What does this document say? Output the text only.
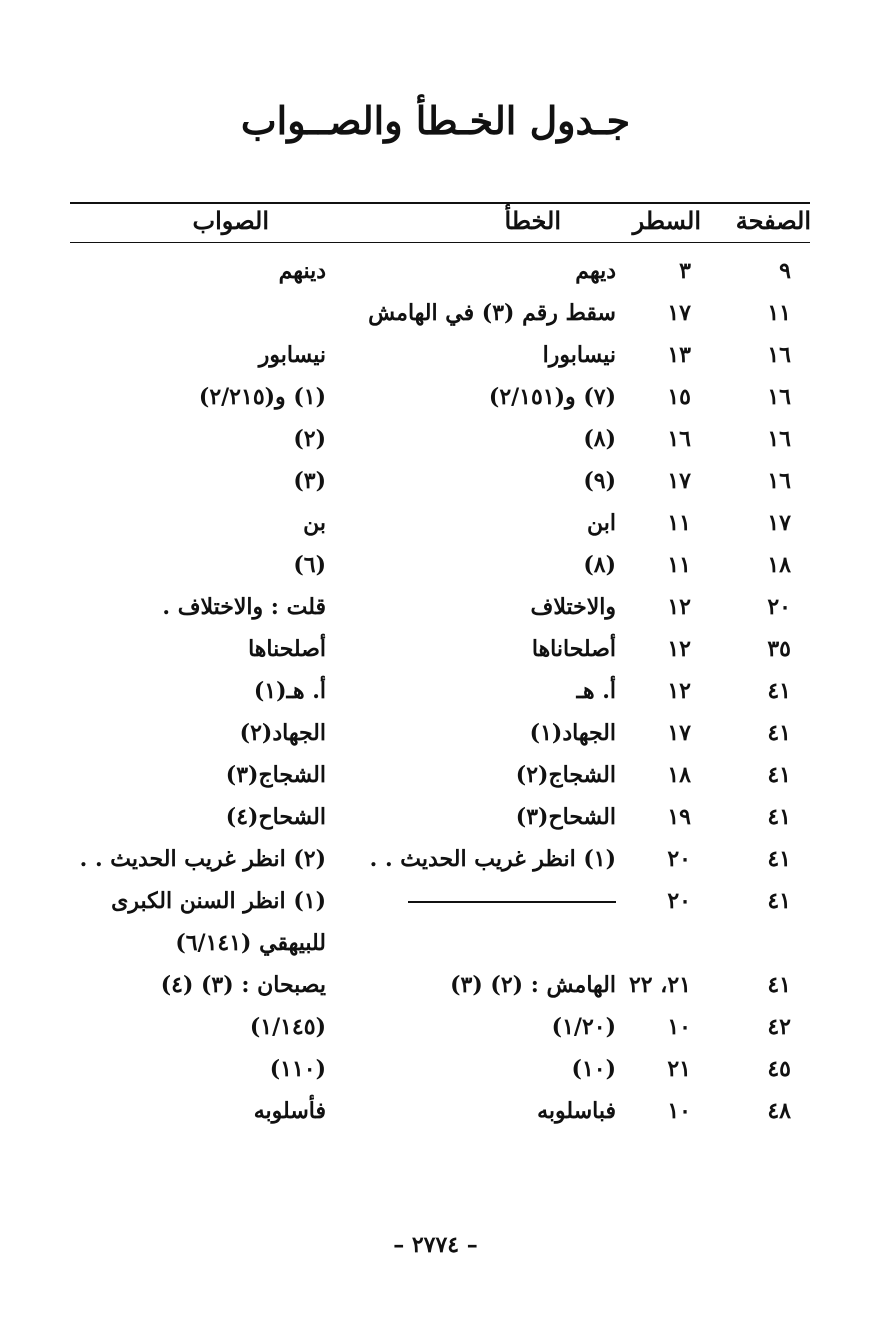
جـدول الخـطأ والصــواب
الصفحة
السطر
الخطأ
الصواب
٩
٣
ديهم
دينهم
١١
١٧
سقط رقم (٣) في الهامش
١٦
١٣
نيسابورا
نيسابور
١٦
١٥
(٧) و(٢/١٥١)
(١) و(٢/٢١٥)
١٦
١٦
(٨)
(٢)
١٦
١٧
(٩)
(٣)
١٧
١١
ابن
بن
١٨
١١
(٨)
(٦)
٢٠
١٢
والاختلاف
قلت : والاختلاف .
٣٥
١٢
أصلحاناها
أصلحناها
٤١
١٢
أ. هـ
أ. هـ(١)
٤١
١٧
الجهاد(١)
الجهاد(٢)
٤١
١٨
الشجاج(٢)
الشجاج(٣)
٤١
١٩
الشحاح(٣)
الشحاح(٤)
٤١
٢٠
(١) انظر غريب الحديث . .
(٢) انظر غريب الحديث . .
٤١
٢٠
(١) انظر السنن الكبرى
للبيهقي (٦/١٤١)
٤١
٢١، ٢٢
الهامش : (٢) (٣)
يصبحان : (٣) (٤)
٤٢
١٠
(١/٢٠)
(١/١٤٥)
٤٥
٢١
(١٠)
(١١٠)
٤٨
١٠
فباسلوبه
فأسلوبه
– ٢٧٧٤ –
